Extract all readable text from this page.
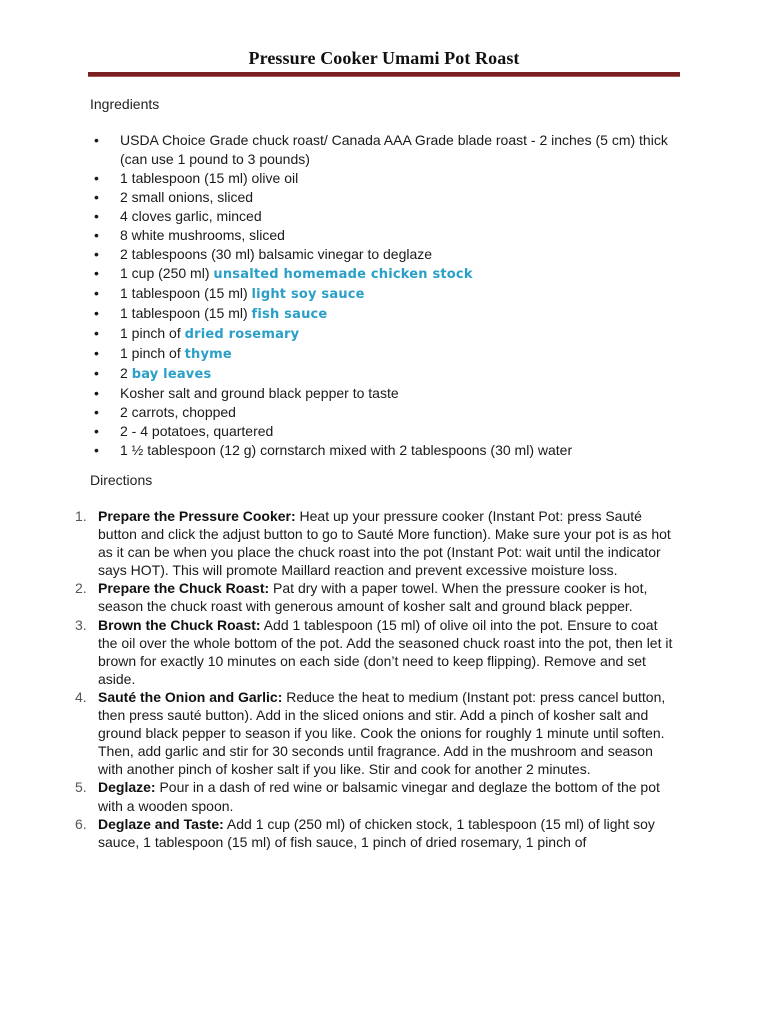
Pressure Cooker Umami Pot Roast
Ingredients
• USDA Choice Grade chuck roast/ Canada AAA Grade blade roast - 2 inches (5 cm) thick (can use 1 pound to 3 pounds)
• 1 tablespoon (15 ml) olive oil
• 2 small onions, sliced
• 4 cloves garlic, minced
• 8 white mushrooms, sliced
• 2 tablespoons (30 ml) balsamic vinegar to deglaze
• 1 cup (250 ml) unsalted homemade chicken stock
• 1 tablespoon (15 ml) light soy sauce
• 1 tablespoon (15 ml) fish sauce
• 1 pinch of dried rosemary
• 1 pinch of thyme
• 2 bay leaves
• Kosher salt and ground black pepper to taste
• 2 carrots, chopped
• 2 - 4 potatoes, quartered
• 1 ½ tablespoon (12 g) cornstarch mixed with 2 tablespoons (30 ml) water
Directions
1. Prepare the Pressure Cooker: Heat up your pressure cooker (Instant Pot: press Sauté button and click the adjust button to go to Sauté More function). Make sure your pot is as hot as it can be when you place the chuck roast into the pot (Instant Pot: wait until the indicator says HOT). This will promote Maillard reaction and prevent excessive moisture loss.
2. Prepare the Chuck Roast: Pat dry with a paper towel. When the pressure cooker is hot, season the chuck roast with generous amount of kosher salt and ground black pepper.
3. Brown the Chuck Roast: Add 1 tablespoon (15 ml) of olive oil into the pot. Ensure to coat the oil over the whole bottom of the pot. Add the seasoned chuck roast into the pot, then let it brown for exactly 10 minutes on each side (don’t need to keep flipping). Remove and set aside.
4. Sauté the Onion and Garlic: Reduce the heat to medium (Instant pot: press cancel button, then press sauté button). Add in the sliced onions and stir. Add a pinch of kosher salt and ground black pepper to season if you like. Cook the onions for roughly 1 minute until soften. Then, add garlic and stir for 30 seconds until fragrance. Add in the mushroom and season with another pinch of kosher salt if you like. Stir and cook for another 2 minutes.
5. Deglaze: Pour in a dash of red wine or balsamic vinegar and deglaze the bottom of the pot with a wooden spoon.
6. Deglaze and Taste: Add 1 cup (250 ml) of chicken stock, 1 tablespoon (15 ml) of light soy sauce, 1 tablespoon (15 ml) of fish sauce, 1 pinch of dried rosemary, 1 pinch of
